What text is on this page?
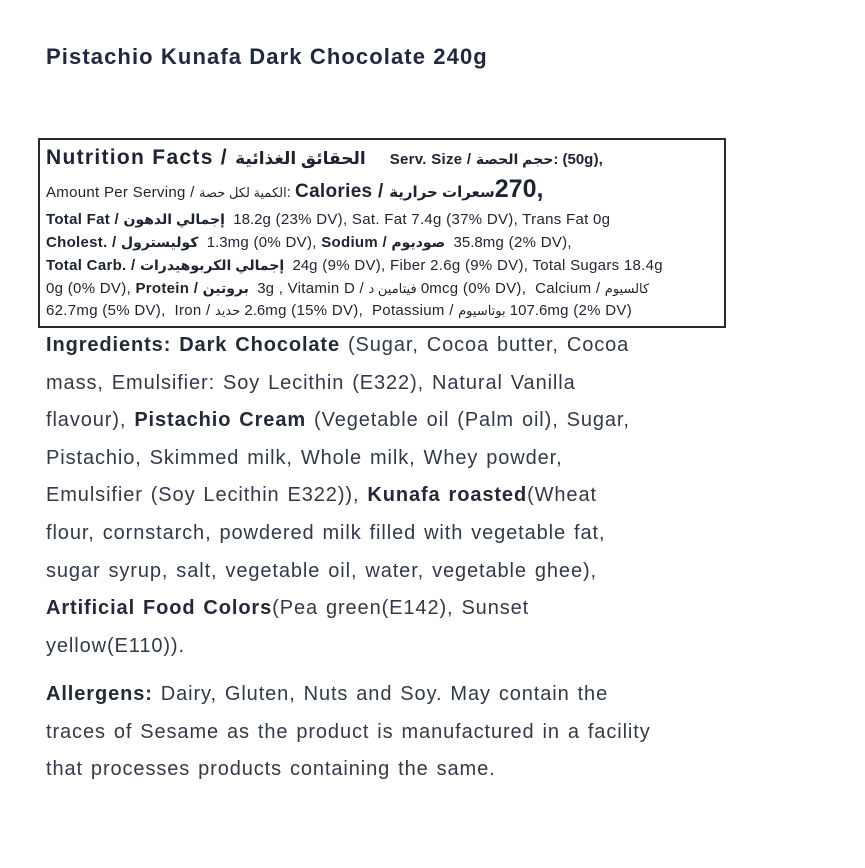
Pistachio Kunafa Dark Chocolate 240g
Nutrition Facts / الحقائق الغذائية Serv. Size / حجم الحصة: (50g),
Amount Per Serving / الكمية لكل حصة: Calories / سعرات حرارية270,
Total Fat / إجمالي الدهون  18.2g (23% DV), Sat. Fat 7.4g (37% DV), Trans Fat 0g
Cholest. / كوليسترول  1.3mg (0% DV), Sodium / صوديوم  35.8mg (2% DV),
Total Carb. / إجمالي الكربوهيدرات  24g (9% DV), Fiber 2.6g (9% DV), Total Sugars 18.4g
0g (0% DV), Protein / بروتين  3g , Vitamin D / فيتامين د 0mcg (0% DV),  Calcium / كالسيوم
62.7mg (5% DV),  Iron / حديد 2.6mg (15% DV),  Potassium / بوتاسيوم 107.6mg (2% DV)
Ingredients: Dark Chocolate (Sugar, Cocoa butter, Cocoa
mass, Emulsifier: Soy Lecithin (E322), Natural Vanilla
flavour), Pistachio Cream (Vegetable oil (Palm oil), Sugar,
Pistachio, Skimmed milk, Whole milk, Whey powder,
Emulsifier (Soy Lecithin E322)), Kunafa roasted(Wheat
flour, cornstarch, powdered milk filled with vegetable fat,
sugar syrup, salt, vegetable oil, water, vegetable ghee),
Artificial Food Colors(Pea green(E142), Sunset
yellow(E110)).
Allergens: Dairy, Gluten, Nuts and Soy. May contain the
traces of Sesame as the product is manufactured in a facility
that processes products containing the same.
